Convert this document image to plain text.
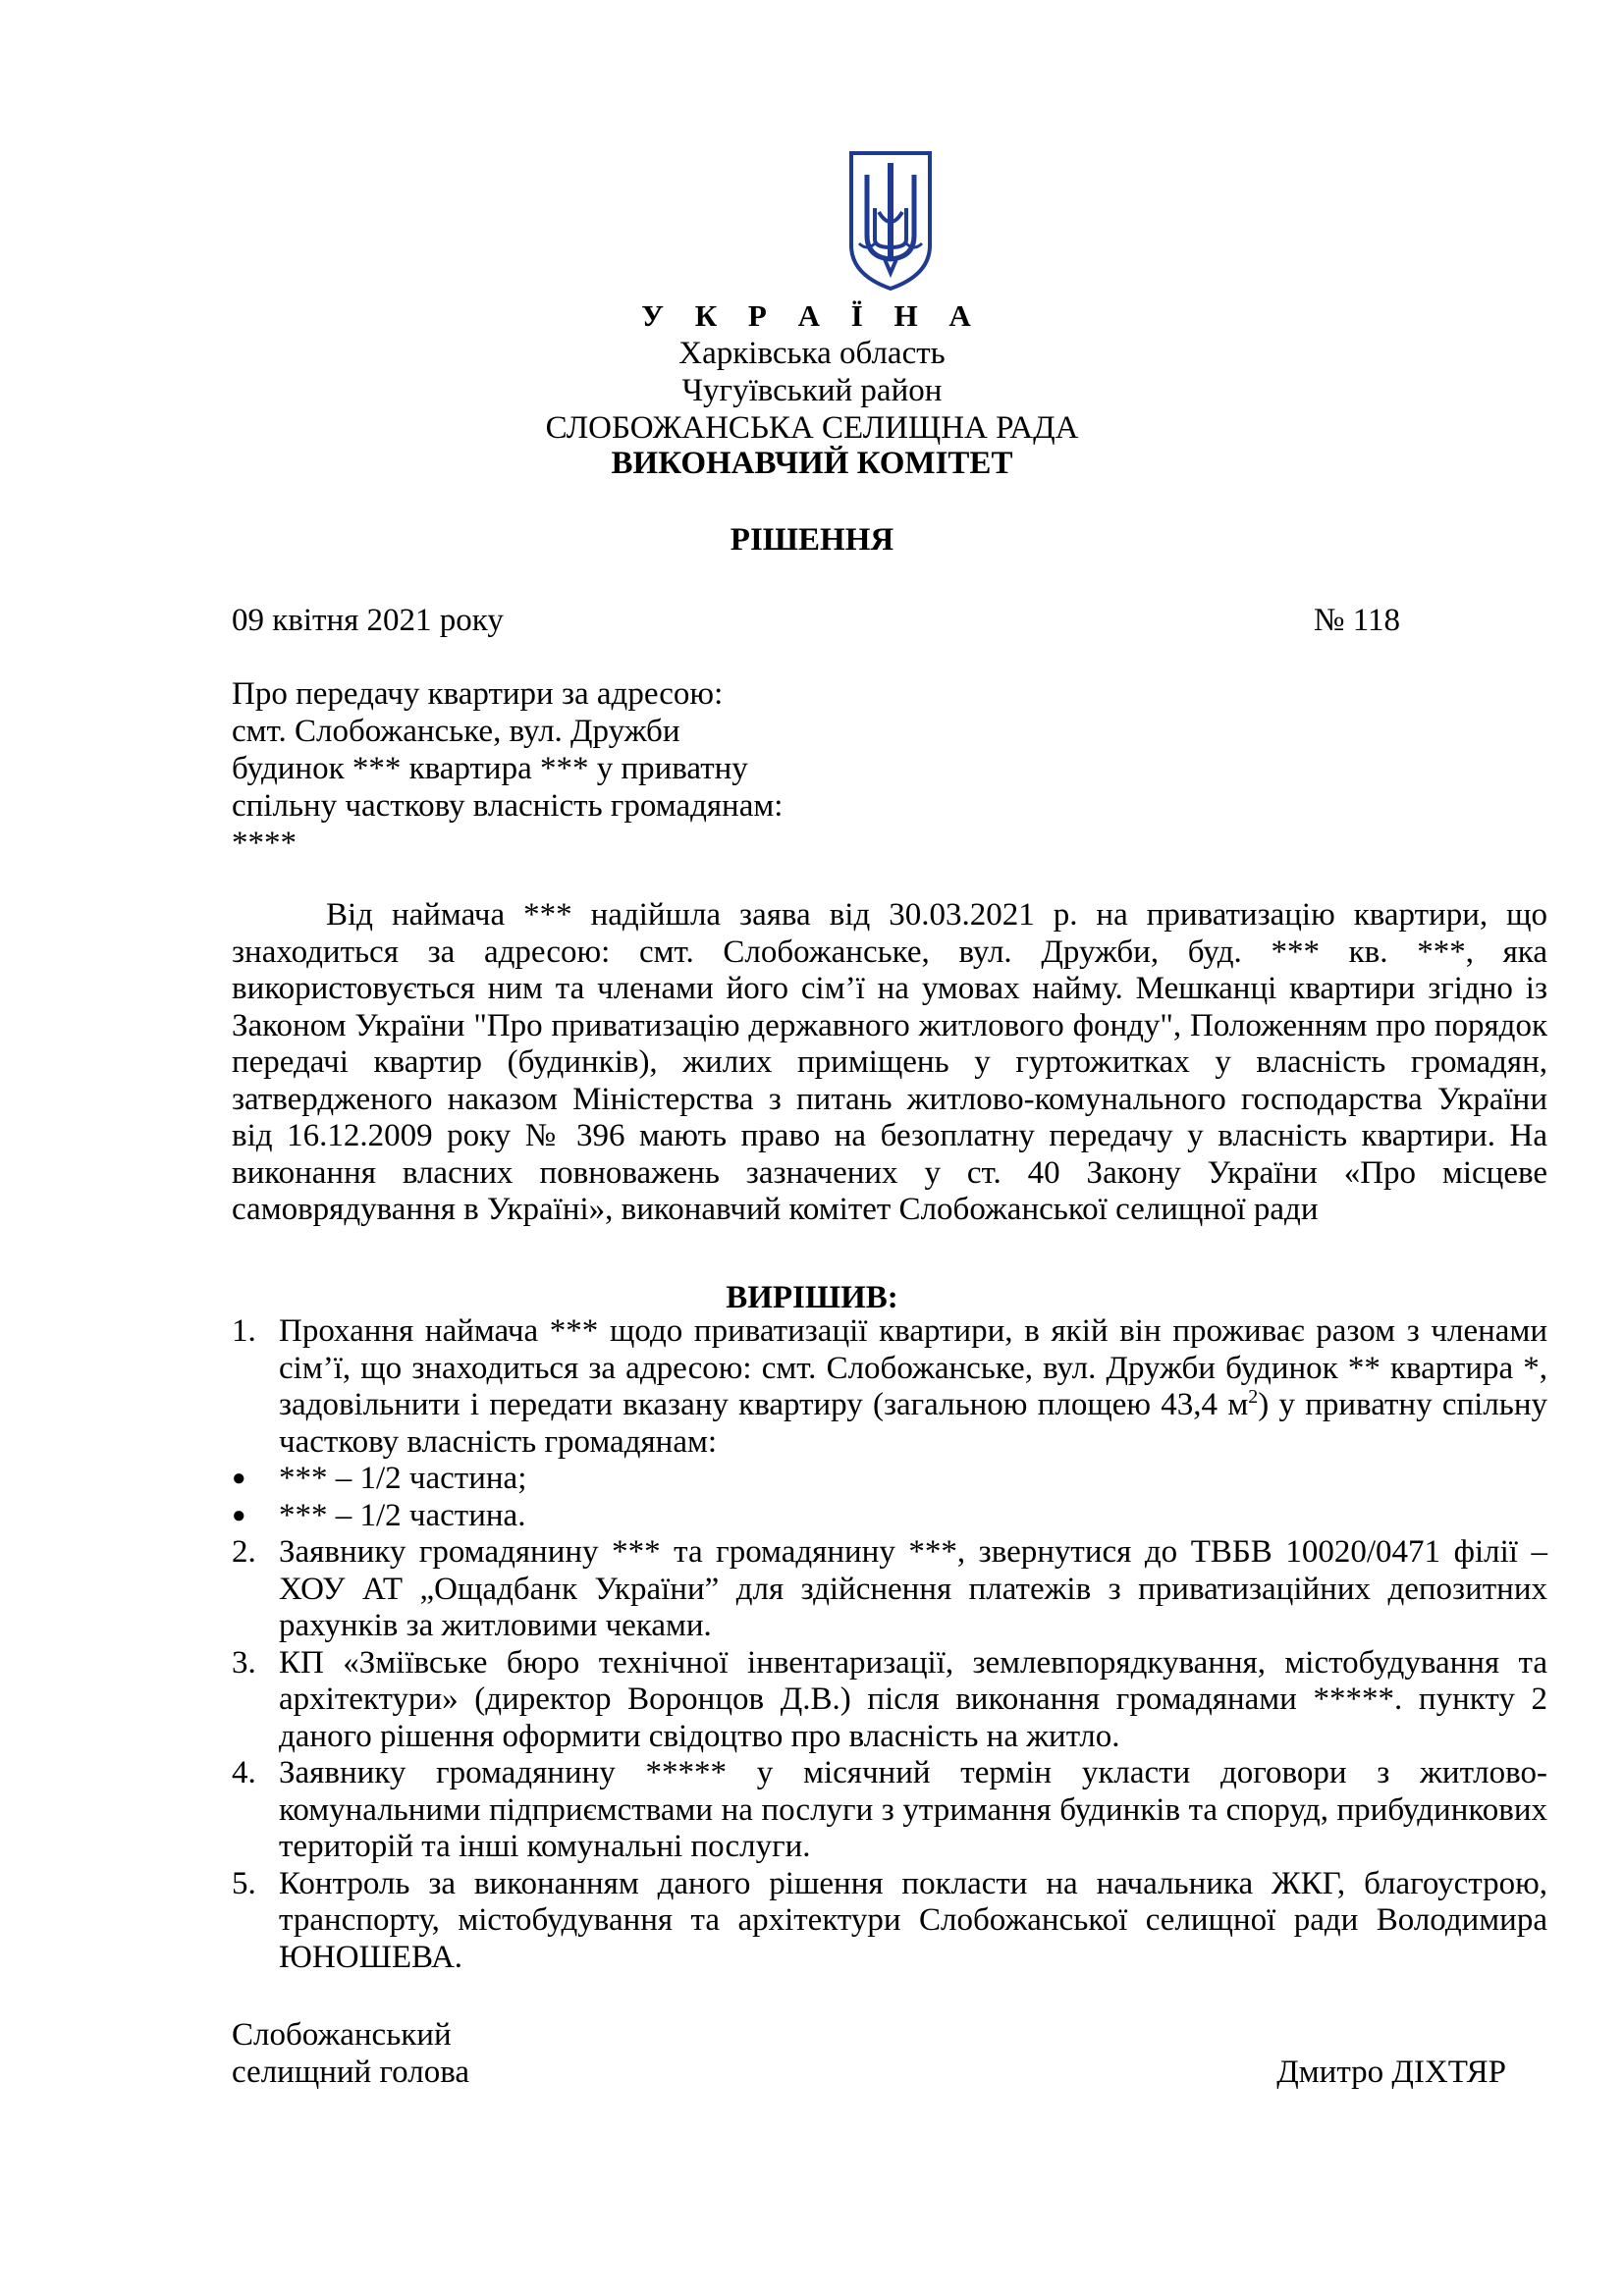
У К Р А Ї Н А
Харківська область
Чугуївський район
СЛОБОЖАНСЬКА СЕЛИЩНА РАДА
ВИКОНАВЧИЙ КОМІТЕТ
РІШЕННЯ
09 квітня 2021 року	№ 118
Про передачу квартири за адресою:
смт. Слобожанське, вул. Дружби
будинок *** квартира *** у приватну
спільну часткову власність громадянам:
****
Від наймача *** надійшла заява від 30.03.2021 р. на приватизацію квартири, що знаходиться за адресою: смт. Слобожанське, вул. Дружби, буд. *** кв. ***, яка використовується ним та членами його сім’ї на умовах найму. Мешканці квартири згідно із Законом України "Про приватизацію державного житлового фонду", Положенням про порядок передачі квартир (будинків), жилих приміщень у гуртожитках у власність громадян, затвердженого наказом Міністерства з питань житлово-комунального господарства України від 16.12.2009 року № 396 мають право на безоплатну передачу у власність квартири. На виконання власних повноважень зазначених у ст. 40 Закону України «Про місцеве самоврядування в Україні», виконавчий комітет Слобожанської селищної ради
ВИРІШИВ:
1. Прохання наймача *** щодо приватизації квартири, в якій він проживає разом з членами сім’ї, що знаходиться за адресою: смт. Слобожанське, вул. Дружби будинок ** квартира *, задовільнити і передати вказану квартиру (загальною площею 43,4 $м^2$) у приватну спільну часткову власність громадянам:
● *** – 1/2 частина;
● *** – 1/2 частина.
2. Заявнику громадянину *** та громадянину ***, звернутися до ТВБВ 10020/0471 філії – ХОУ АТ „Ощадбанк України” для здійснення платежів з приватизаційних депозитних рахунків за житловими чеками.
3. КП «Зміївське бюро технічної інвентаризації, землевпорядкування, містобудування та архітектури» (директор Воронцов Д.В.) після виконання громадянами *****. пункту 2 даного рішення оформити свідоцтво про власність на житло.
4. Заявнику громадянину ***** у місячний термін укласти договори з житлово-комунальними підприємствами на послуги з утримання будинків та споруд, прибудинкових територій та інші комунальні послуги.
5. Контроль за виконанням даного рішення покласти на начальника ЖКГ, благоустрою, транспорту, містобудування та архітектури Слобожанської селищної ради Володимира ЮНОШЕВА.
Слобожанський
селищний голова	Дмитро ДІХТЯР
